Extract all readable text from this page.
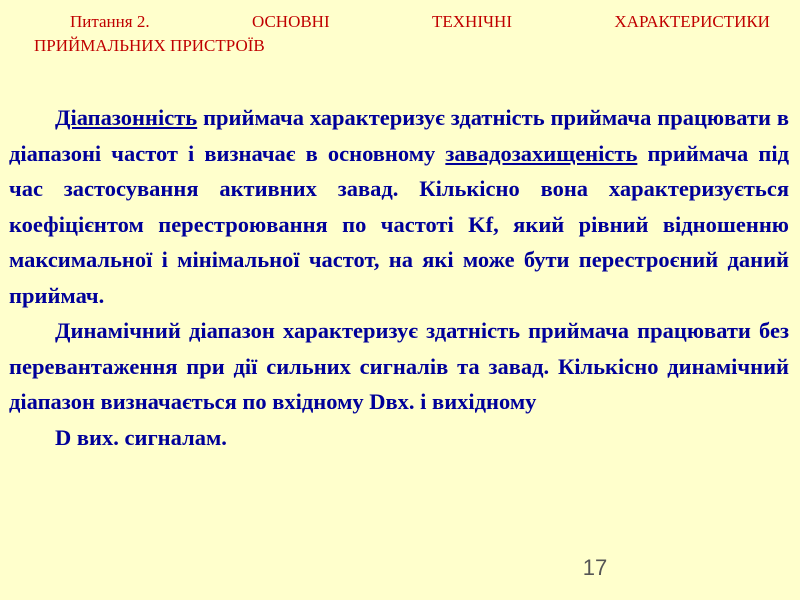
Питання 2.	ОСНОВНІ	ТЕХНІЧНІ	ХАРАКТЕРИСТИКИ
ПРИЙМАЛЬНИХ ПРИСТРОЇВ

Діапазонність приймача характеризує здатність приймача працювати в діапазоні частот і визначає в основному завадозахищеність приймача під час застосування активних завад. Кількісно вона характеризується коефіцієнтом перестроювання по частоті Kf, який рівний відношенню максимальної і мінімальної частот, на які може бути перестроєний даний приймач.

Динамічний діапазон характеризує здатність приймача працювати без перевантаження при дії сильних сигналів та завад. Кількісно динамічний діапазон визначається по вхідному Dвх. і вихідному

D вих. сигналам.

17
